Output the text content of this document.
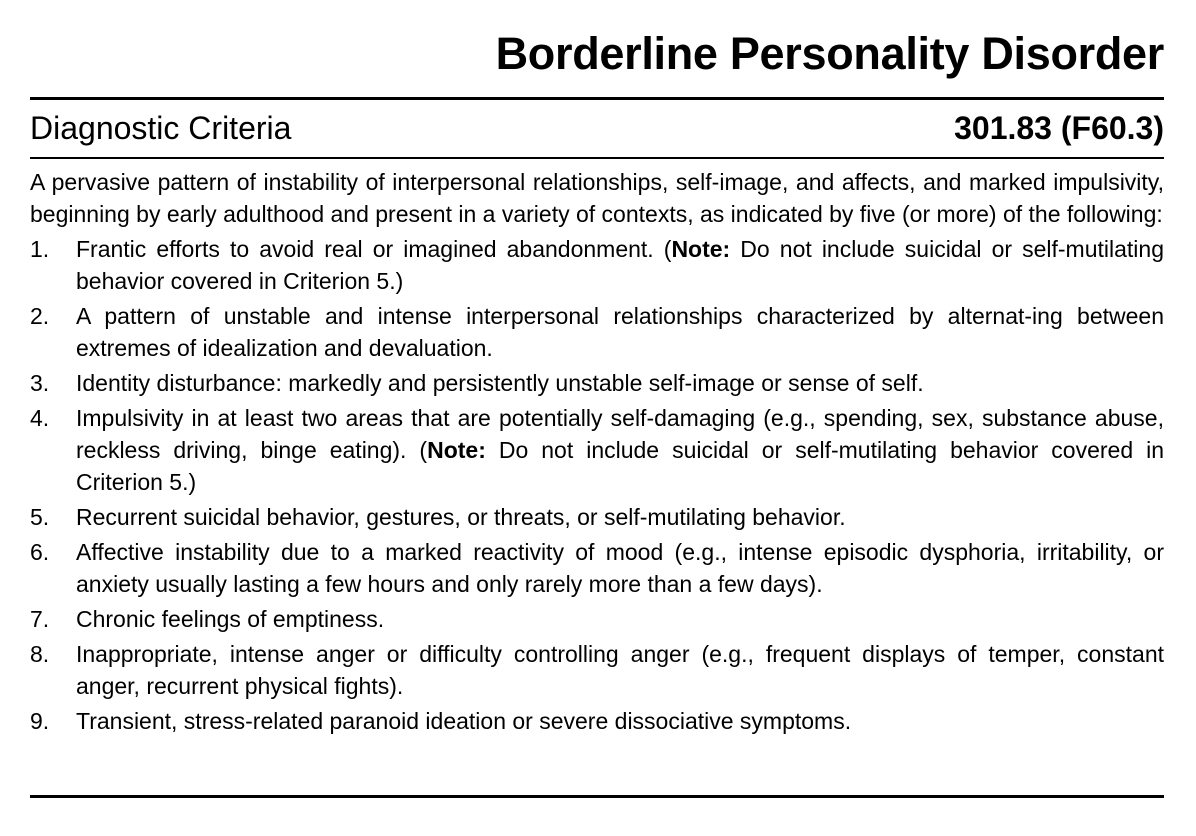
Borderline Personality Disorder
Diagnostic Criteria	301.83 (F60.3)

A pervasive pattern of instability of interpersonal relationships, self-image, and affects, and marked impulsivity, beginning by early adulthood and present in a variety of contexts, as indicated by five (or more) of the following:

1. Frantic efforts to avoid real or imagined abandonment. (Note: Do not include suicidal or self-mutilating behavior covered in Criterion 5.)
2. A pattern of unstable and intense interpersonal relationships characterized by alternat-ing between extremes of idealization and devaluation.
3. Identity disturbance: markedly and persistently unstable self-image or sense of self.
4. Impulsivity in at least two areas that are potentially self-damaging (e.g., spending, sex, substance abuse, reckless driving, binge eating). (Note: Do not include suicidal or self-mutilating behavior covered in Criterion 5.)
5. Recurrent suicidal behavior, gestures, or threats, or self-mutilating behavior.
6. Affective instability due to a marked reactivity of mood (e.g., intense episodic dysphoria, irritability, or anxiety usually lasting a few hours and only rarely more than a few days).
7. Chronic feelings of emptiness.
8. Inappropriate, intense anger or difficulty controlling anger (e.g., frequent displays of temper, constant anger, recurrent physical fights).
9. Transient, stress-related paranoid ideation or severe dissociative symptoms.
